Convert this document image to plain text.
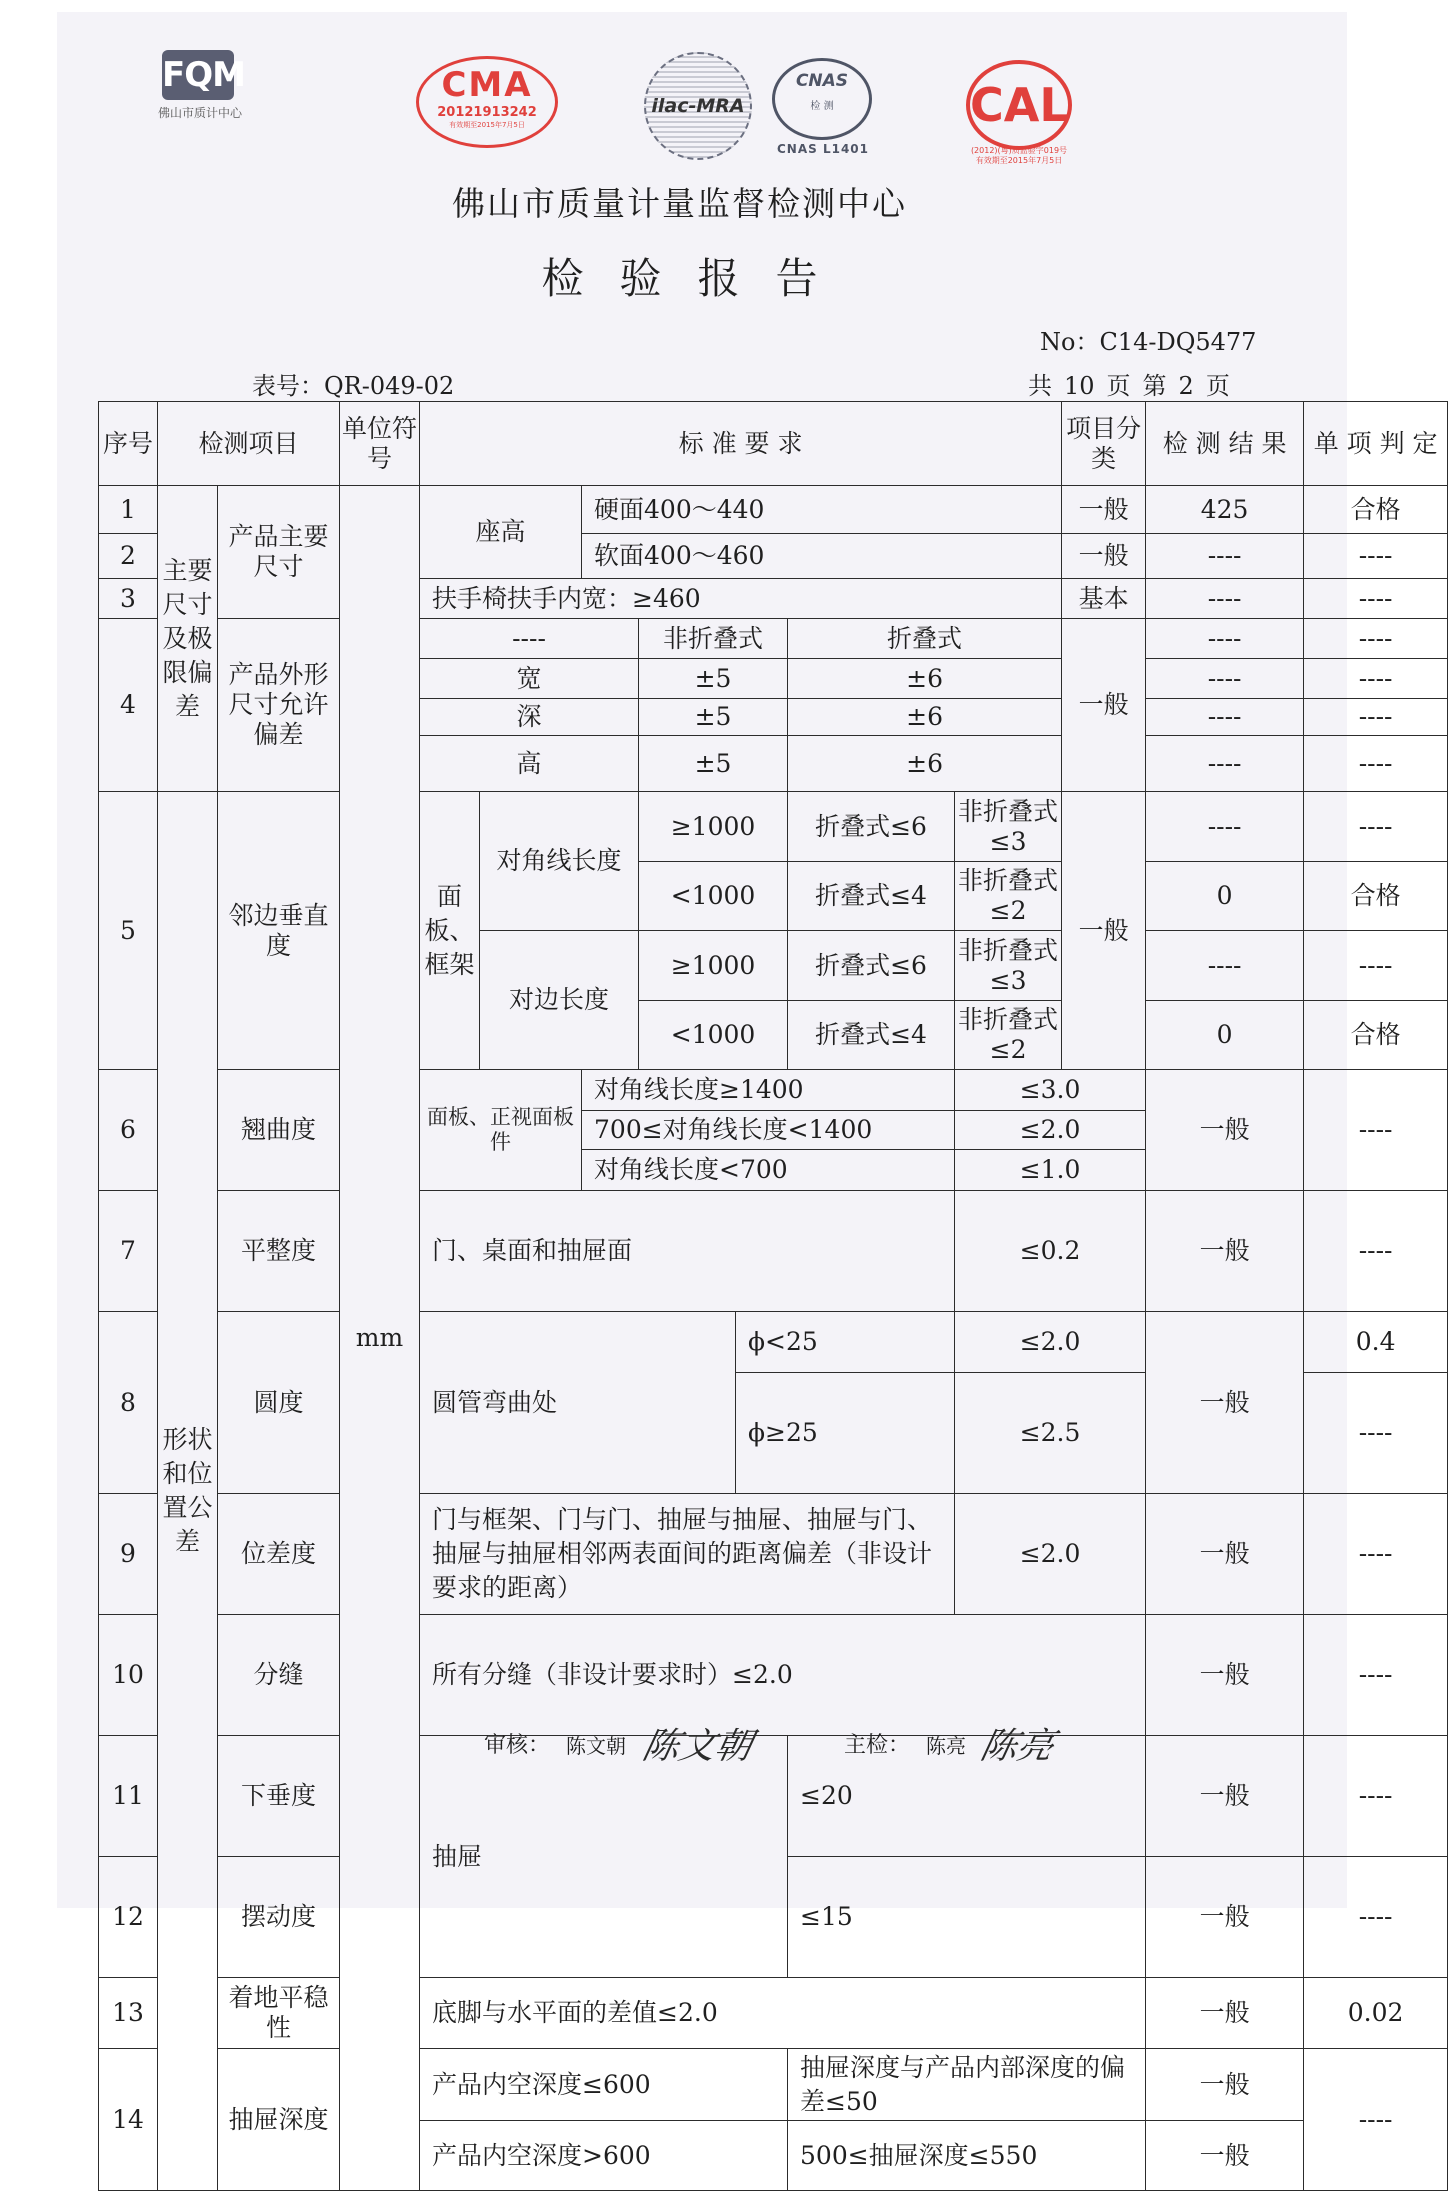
FQM
佛山市质计中心
CMA
20121913242
有效期至2015年7月5日
ilac-MRA
CNAS
检 测
CNAS L1401
CAL
(2012)(粤)质监验字019号
有效期至2015年7月5日
佛山市质量计量监督检测中心
检验报告
No：C14-DQ5477
表号：QR-049-02	共 10 页 第 2 页
序号	检测项目		单位符号	标 准 要 求							项目分类	检 测 结 果	单 项 判 定	
1	主要尺寸及极限偏差	产品主要尺寸	mm	座高		硬面400～440					一般	425	合格	
2						软面400～460					一般	----	----	
3				扶手椅扶手内宽：≥460							基本	----	----	
4		产品外形尺寸允许偏差		----			非折叠式		折叠式		一般	----	----	
				宽			±5		±6			----	----	
				深			±5		±6			----	----	
				高			±5		±6			----	----	
5	形状和位置公差	邻边垂直度		面板、框架	对角线长度		≥1000		折叠式≤6	非折叠式≤3	一般	----	----	
							<1000		折叠式≤4	非折叠式≤2		0	合格	
					对边长度		≥1000		折叠式≤6	非折叠式≤3		----	----	
							<1000		折叠式≤4	非折叠式≤2		0	合格	
6		翘曲度		面板、正视面板件		对角线长度≥1400				≤3.0		一般	----	
						700≤对角线长度<1400				≤2.0				
						对角线长度<700				≤1.0				
7		平整度		门、桌面和抽屉面						≤0.2		一般	----	
8		圆度		圆管弯曲处				ϕ<25		≤2.0		一般	0.4	
								ϕ≥25		≤2.5			----	
9		位差度		门与框架、门与门、抽屉与抽屉、抽屉与门、抽屉与抽屉相邻两表面间的距离偏差（非设计要求的距离）						≤2.0		一般	----	
10		分缝		所有分缝（非设计要求时）≤2.0								一般	----	
11		下垂度		抽屉					≤20			一般	----	
12		摆动度							≤15			一般	----	
13		着地平稳性		底脚与水平面的差值≤2.0								一般	0.02	
14		抽屉深度		产品内空深度≤600					抽屉深度与产品内部深度的偏差≤50			一般	----	
				产品内空深度>600					500≤抽屉深度≤550			一般		
审核： 陈文朝 陈文朝	主检： 陈亮 陈亮
